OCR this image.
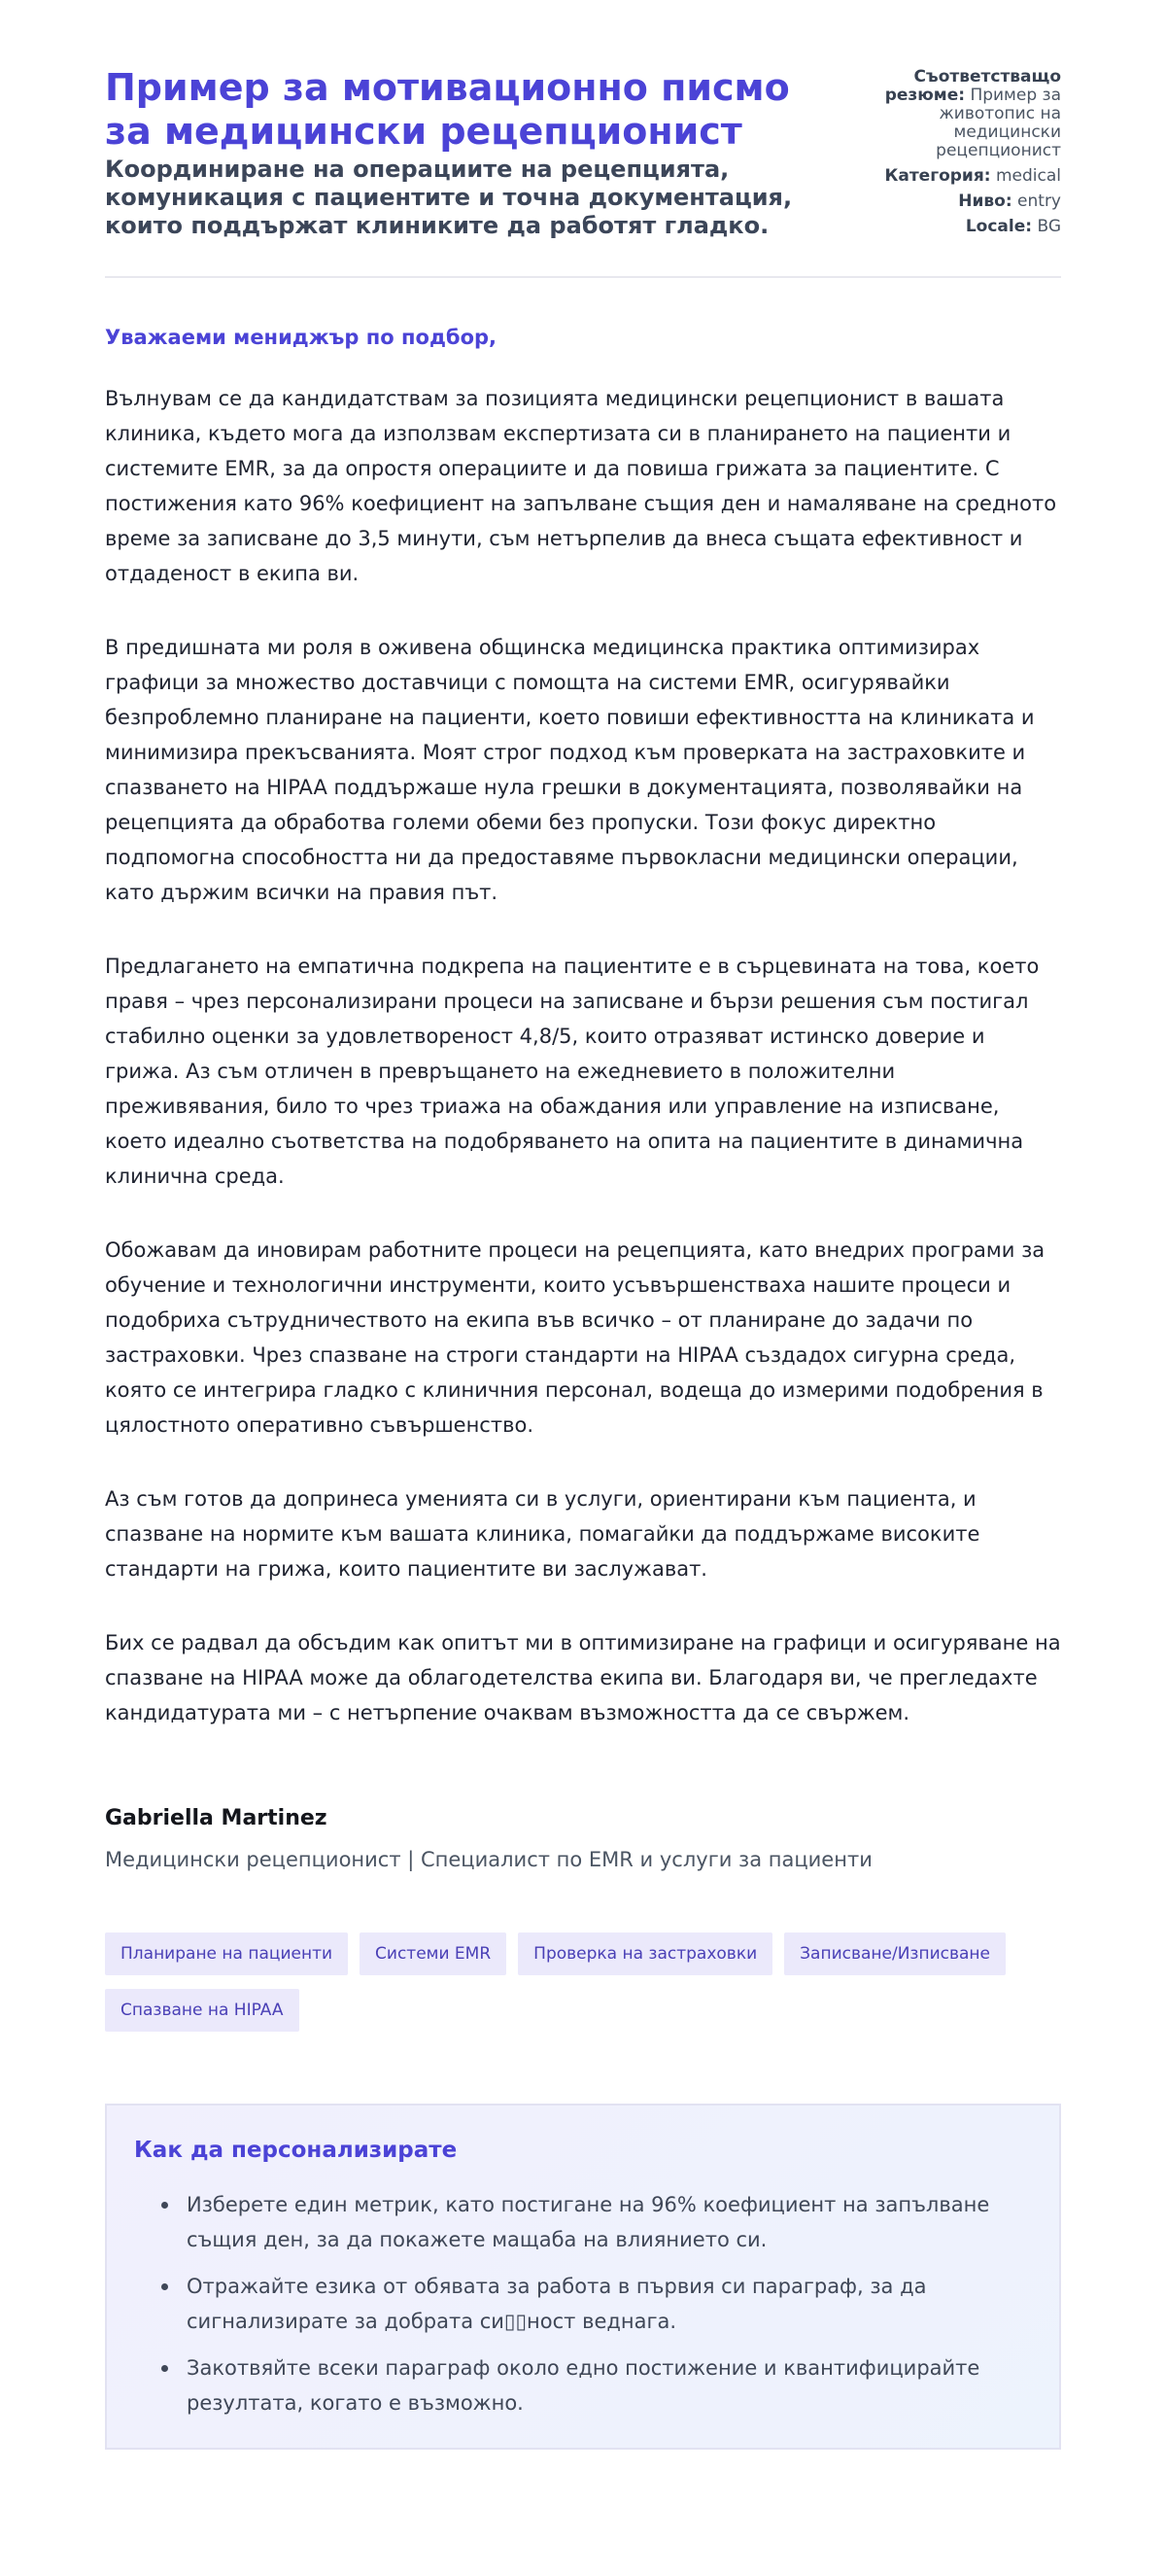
Пример за мотивационно писмо за медицински рецепционист
Координиране на операциите на рецепцията, комуникация с пациентите и точна документация, които поддържат клиниките да работят гладко.
Съответстващо резюме: Пример за животопис на медицински рецепционист
Категория: medical
Ниво: entry
Locale: BG
Уважаеми мениджър по подбор,

Вълнувам се да кандидатствам за позицията медицински рецепционист в вашата клиника, където мога да използвам експертизата си в планирането на пациенти и системите EMR, за да опростя операциите и да повиша грижата за пациентите. С постижения като 96% коефициент на запълване същия ден и намаляване на средното време за записване до 3,5 минути, съм нетърпелив да внеса същата ефективност и отдаденост в екипа ви.

В предишната ми роля в оживена общинска медицинска практика оптимизирах графици за множество доставчици с помощта на системи EMR, осигурявайки безпроблемно планиране на пациенти, което повиши ефективността на клиниката и минимизира прекъсванията. Моят строг подход към проверката на застраховките и спазването на HIPAA поддържаше нула грешки в документацията, позволявайки на рецепцията да обработва големи обеми без пропуски. Този фокус директно подпомогна способността ни да предоставяме първокласни медицински операции, като държим всички на правия път.

Предлагането на емпатична подкрепа на пациентите е в сърцевината на това, което правя – чрез персонализирани процеси на записване и бързи решения съм постигал стабилно оценки за удовлетвореност 4,8/5, които отразяват истинско доверие и грижа. Аз съм отличен в превръщането на ежедневието в положителни преживявания, било то чрез триажа на обаждания или управление на изписване, което идеално съответства на подобряването на опита на пациентите в динамична клинична среда.

Обожавам да иновирам работните процеси на рецепцията, като внедрих програми за обучение и технологични инструменти, които усъвършенстваха нашите процеси и подобриха сътрудничеството на екипа във всичко – от планиране до задачи по застраховки. Чрез спазване на строги стандарти на HIPAA създадох сигурна среда, която се интегрира гладко с клиничния персонал, водеща до измерими подобрения в цялостното оперативно съвършенство.

Аз съм готов да допринеса уменията си в услуги, ориентирани към пациента, и спазване на нормите към вашата клиника, помагайки да поддържаме високите стандарти на грижа, които пациентите ви заслужават.

Бих се радвал да обсъдим как опитът ми в оптимизиране на графици и осигуряване на спазване на HIPAA може да облагодетелства екипа ви. Благодаря ви, че прегледахте кандидатурата ми – с нетърпение очаквам възможността да се свържем.

Gabriella Martinez
Медицински рецепционист | Специалист по EMR и услуги за пациенти
Планиране на пациенти	Системи EMR	Проверка на застраховки	Записване/Изписване
Спазване на HIPAA
Как да персонализирате
Изберете един метрик, като постигане на 96% коефициент на запълване същия ден, за да покажете мащаба на влиянието си.
Отражайте езика от обявата за работа в първия си параграф, за да сигнализирате за добрата си▯▯ност веднага.
Закотвяйте всеки параграф около едно постижение и квантифицирайте резултата, когато е възможно.
